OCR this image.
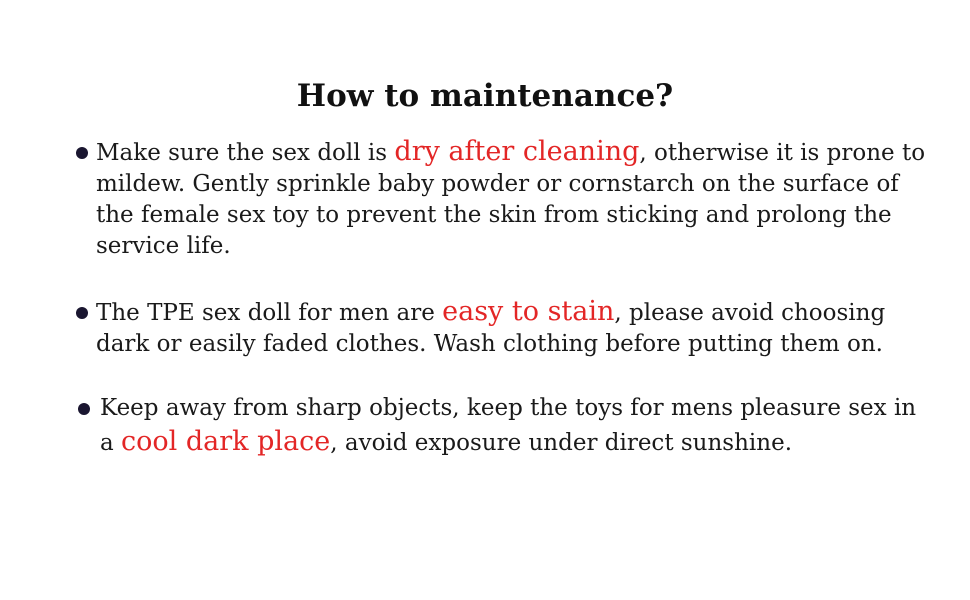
How to maintenance?
Make sure the sex doll is dry after cleaning, otherwise it is prone to mildew. Gently sprinkle baby powder or cornstarch on the surface of the female sex toy to prevent the skin from sticking and prolong the service life.
The TPE sex doll for men are easy to stain, please avoid choosing dark or easily faded clothes. Wash clothing before putting them on.
Keep away from sharp objects, keep the toys for mens pleasure sex in a cool dark place, avoid exposure under direct sunshine.
